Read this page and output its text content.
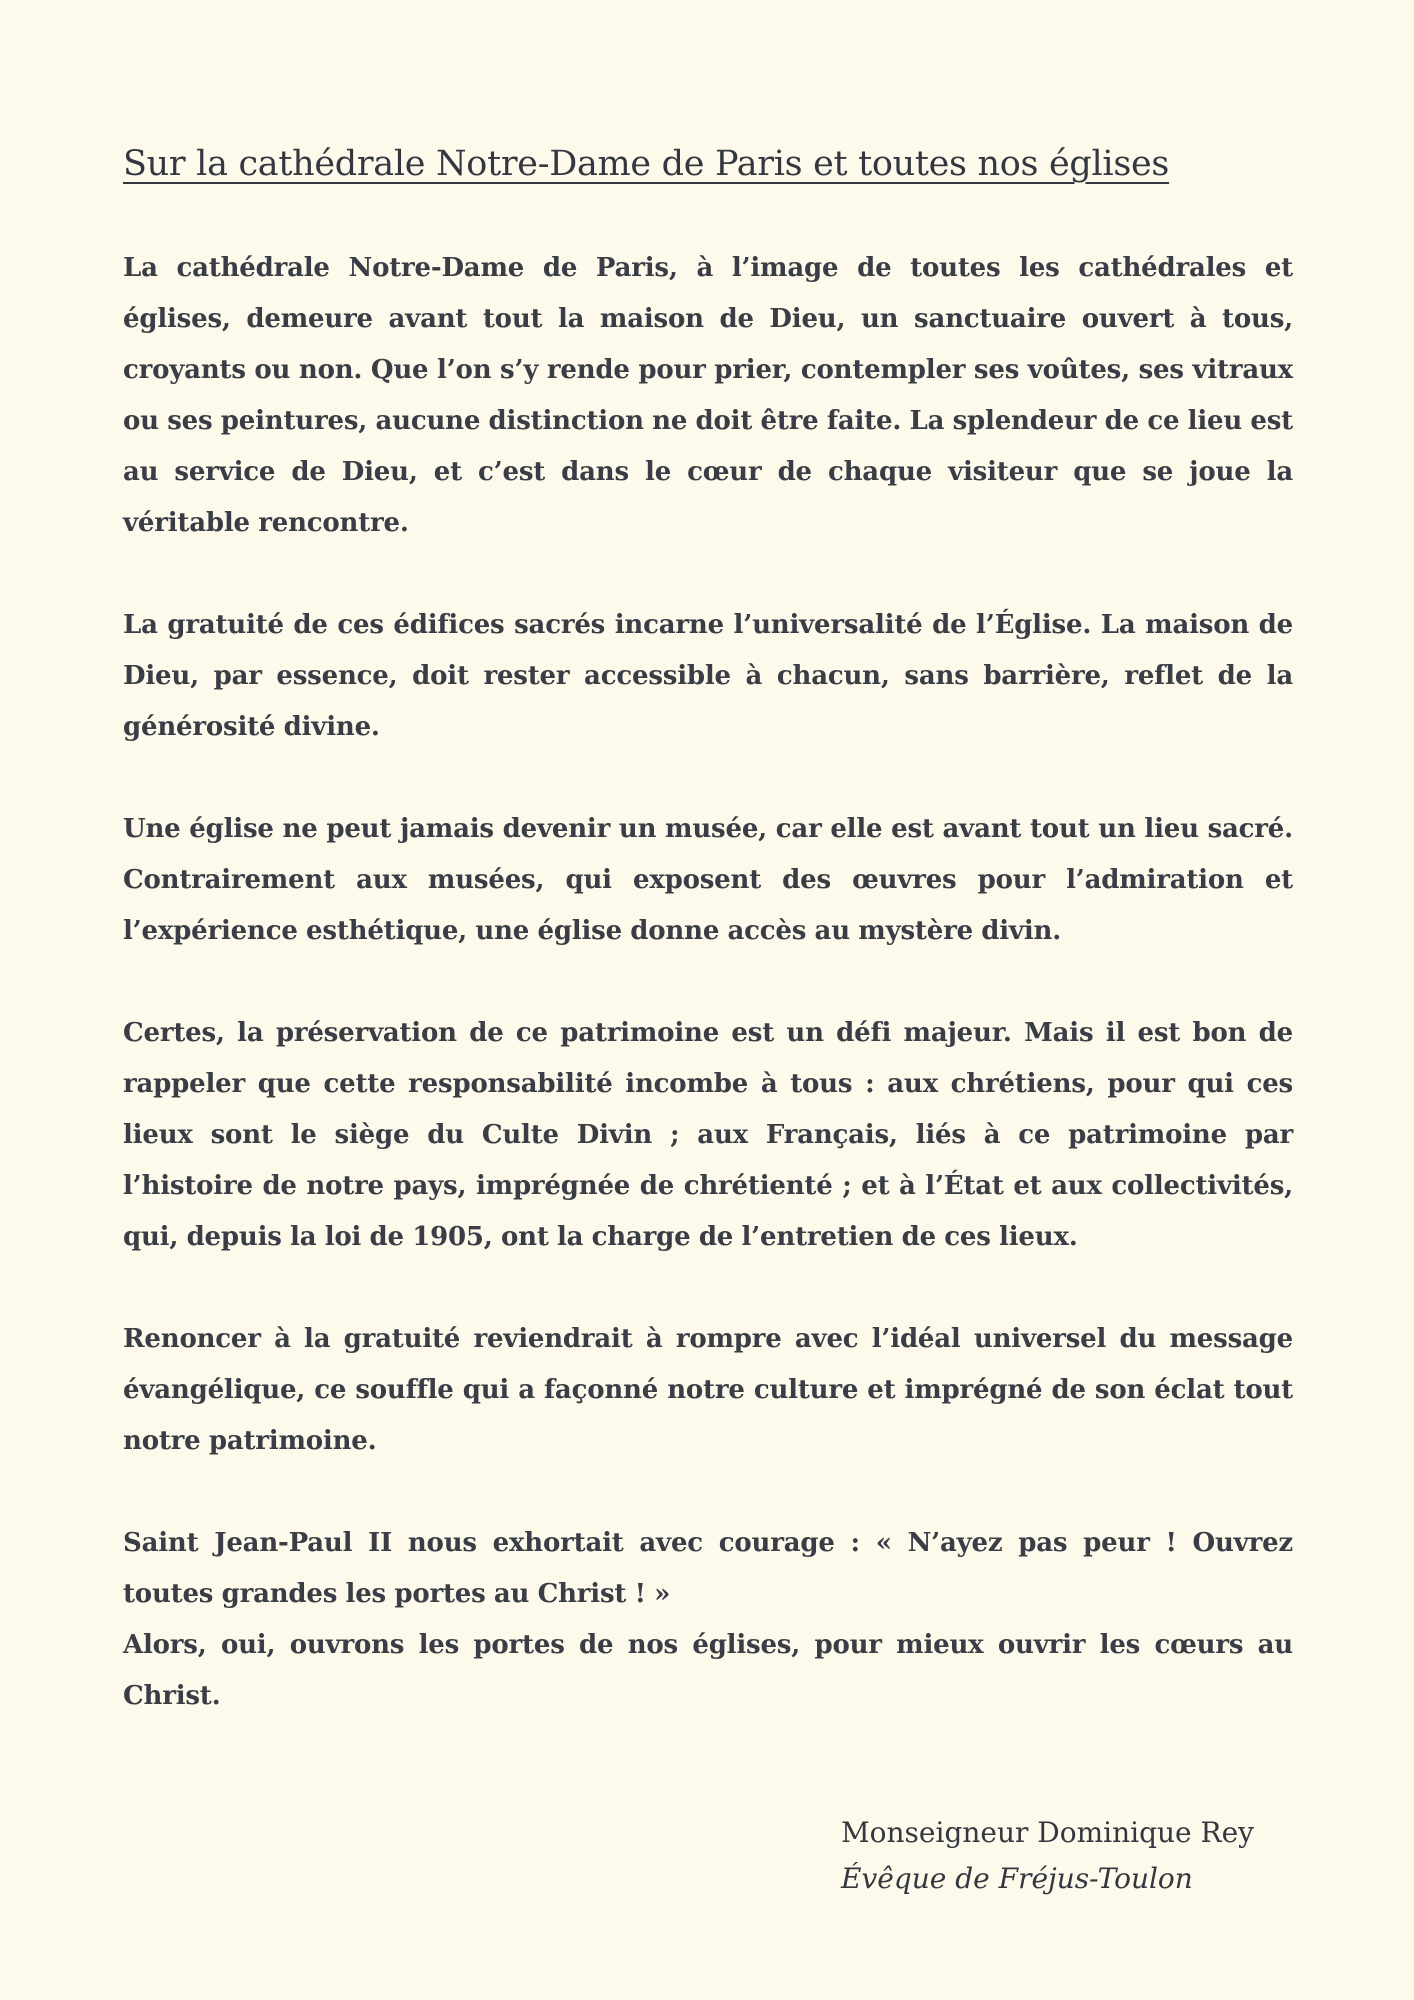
Sur la cathédrale Notre-Dame de Paris et toutes nos églises

La cathédrale Notre-Dame de Paris, à l’image de toutes les cathédrales et églises, demeure avant tout la maison de Dieu, un sanctuaire ouvert à tous, croyants ou non. Que l’on s’y rende pour prier, contempler ses voûtes, ses vitraux ou ses peintures, aucune distinction ne doit être faite. La splendeur de ce lieu est au service de Dieu, et c’est dans le cœur de chaque visiteur que se joue la véritable rencontre.

La gratuité de ces édifices sacrés incarne l’universalité de l’Église. La maison de Dieu, par essence, doit rester accessible à chacun, sans barrière, reflet de la générosité divine.

Une église ne peut jamais devenir un musée, car elle est avant tout un lieu sacré. Contrairement aux musées, qui exposent des œuvres pour l’admiration et l’expérience esthétique, une église donne accès au mystère divin.

Certes, la préservation de ce patrimoine est un défi majeur. Mais il est bon de rappeler que cette responsabilité incombe à tous : aux chrétiens, pour qui ces lieux sont le siège du Culte Divin ; aux Français, liés à ce patrimoine par l’histoire de notre pays, imprégnée de chrétienté ; et à l’État et aux collectivités, qui, depuis la loi de 1905, ont la charge de l’entretien de ces lieux.

Renoncer à la gratuité reviendrait à rompre avec l’idéal universel du message évangélique, ce souffle qui a façonné notre culture et imprégné de son éclat tout notre patrimoine.

Saint Jean-Paul II nous exhortait avec courage : « N’ayez pas peur ! Ouvrez toutes grandes les portes au Christ ! »

Alors, oui, ouvrons les portes de nos églises, pour mieux ouvrir les cœurs au Christ.

Monseigneur Dominique Rey
Évêque de Fréjus-Toulon
